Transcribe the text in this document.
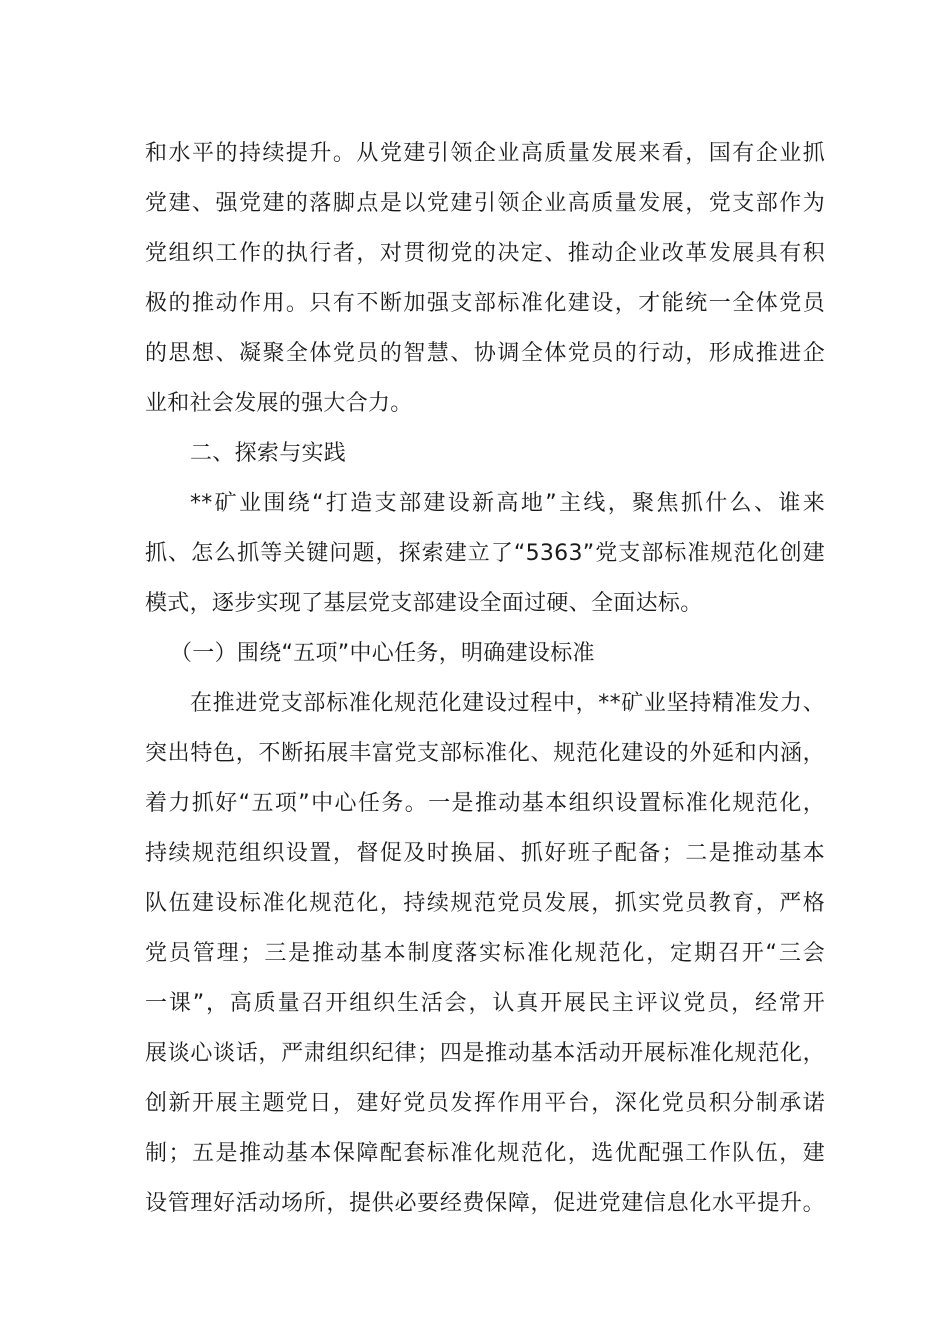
和水平的持续提升。从党建引领企业高质量发展来看，国有企业抓
党建、强党建的落脚点是以党建引领企业高质量发展，党支部作为
党组织工作的执行者，对贯彻党的决定、推动企业改革发展具有积
极的推动作用。只有不断加强支部标准化建设，才能统一全体党员
的思想、凝聚全体党员的智慧、协调全体党员的行动，形成推进企
业和社会发展的强大合力。
二、探索与实践
**矿业围绕“打造支部建设新高地”主线，聚焦抓什么、谁来
抓、怎么抓等关键问题，探索建立了“5363”党支部标准规范化创建
模式，逐步实现了基层党支部建设全面过硬、全面达标。
（一）围绕“五项”中心任务，明确建设标准
在推进党支部标准化规范化建设过程中，**矿业坚持精准发力、
突出特色，不断拓展丰富党支部标准化、规范化建设的外延和内涵，
着力抓好“五项”中心任务。一是推动基本组织设置标准化规范化，
持续规范组织设置，督促及时换届、抓好班子配备；二是推动基本
队伍建设标准化规范化，持续规范党员发展，抓实党员教育，严格
党员管理；三是推动基本制度落实标准化规范化，定期召开“三会
一课”，高质量召开组织生活会，认真开展民主评议党员，经常开
展谈心谈话，严肃组织纪律；四是推动基本活动开展标准化规范化，
创新开展主题党日，建好党员发挥作用平台，深化党员积分制承诺
制；五是推动基本保障配套标准化规范化，选优配强工作队伍，建
设管理好活动场所，提供必要经费保障，促进党建信息化水平提升。
